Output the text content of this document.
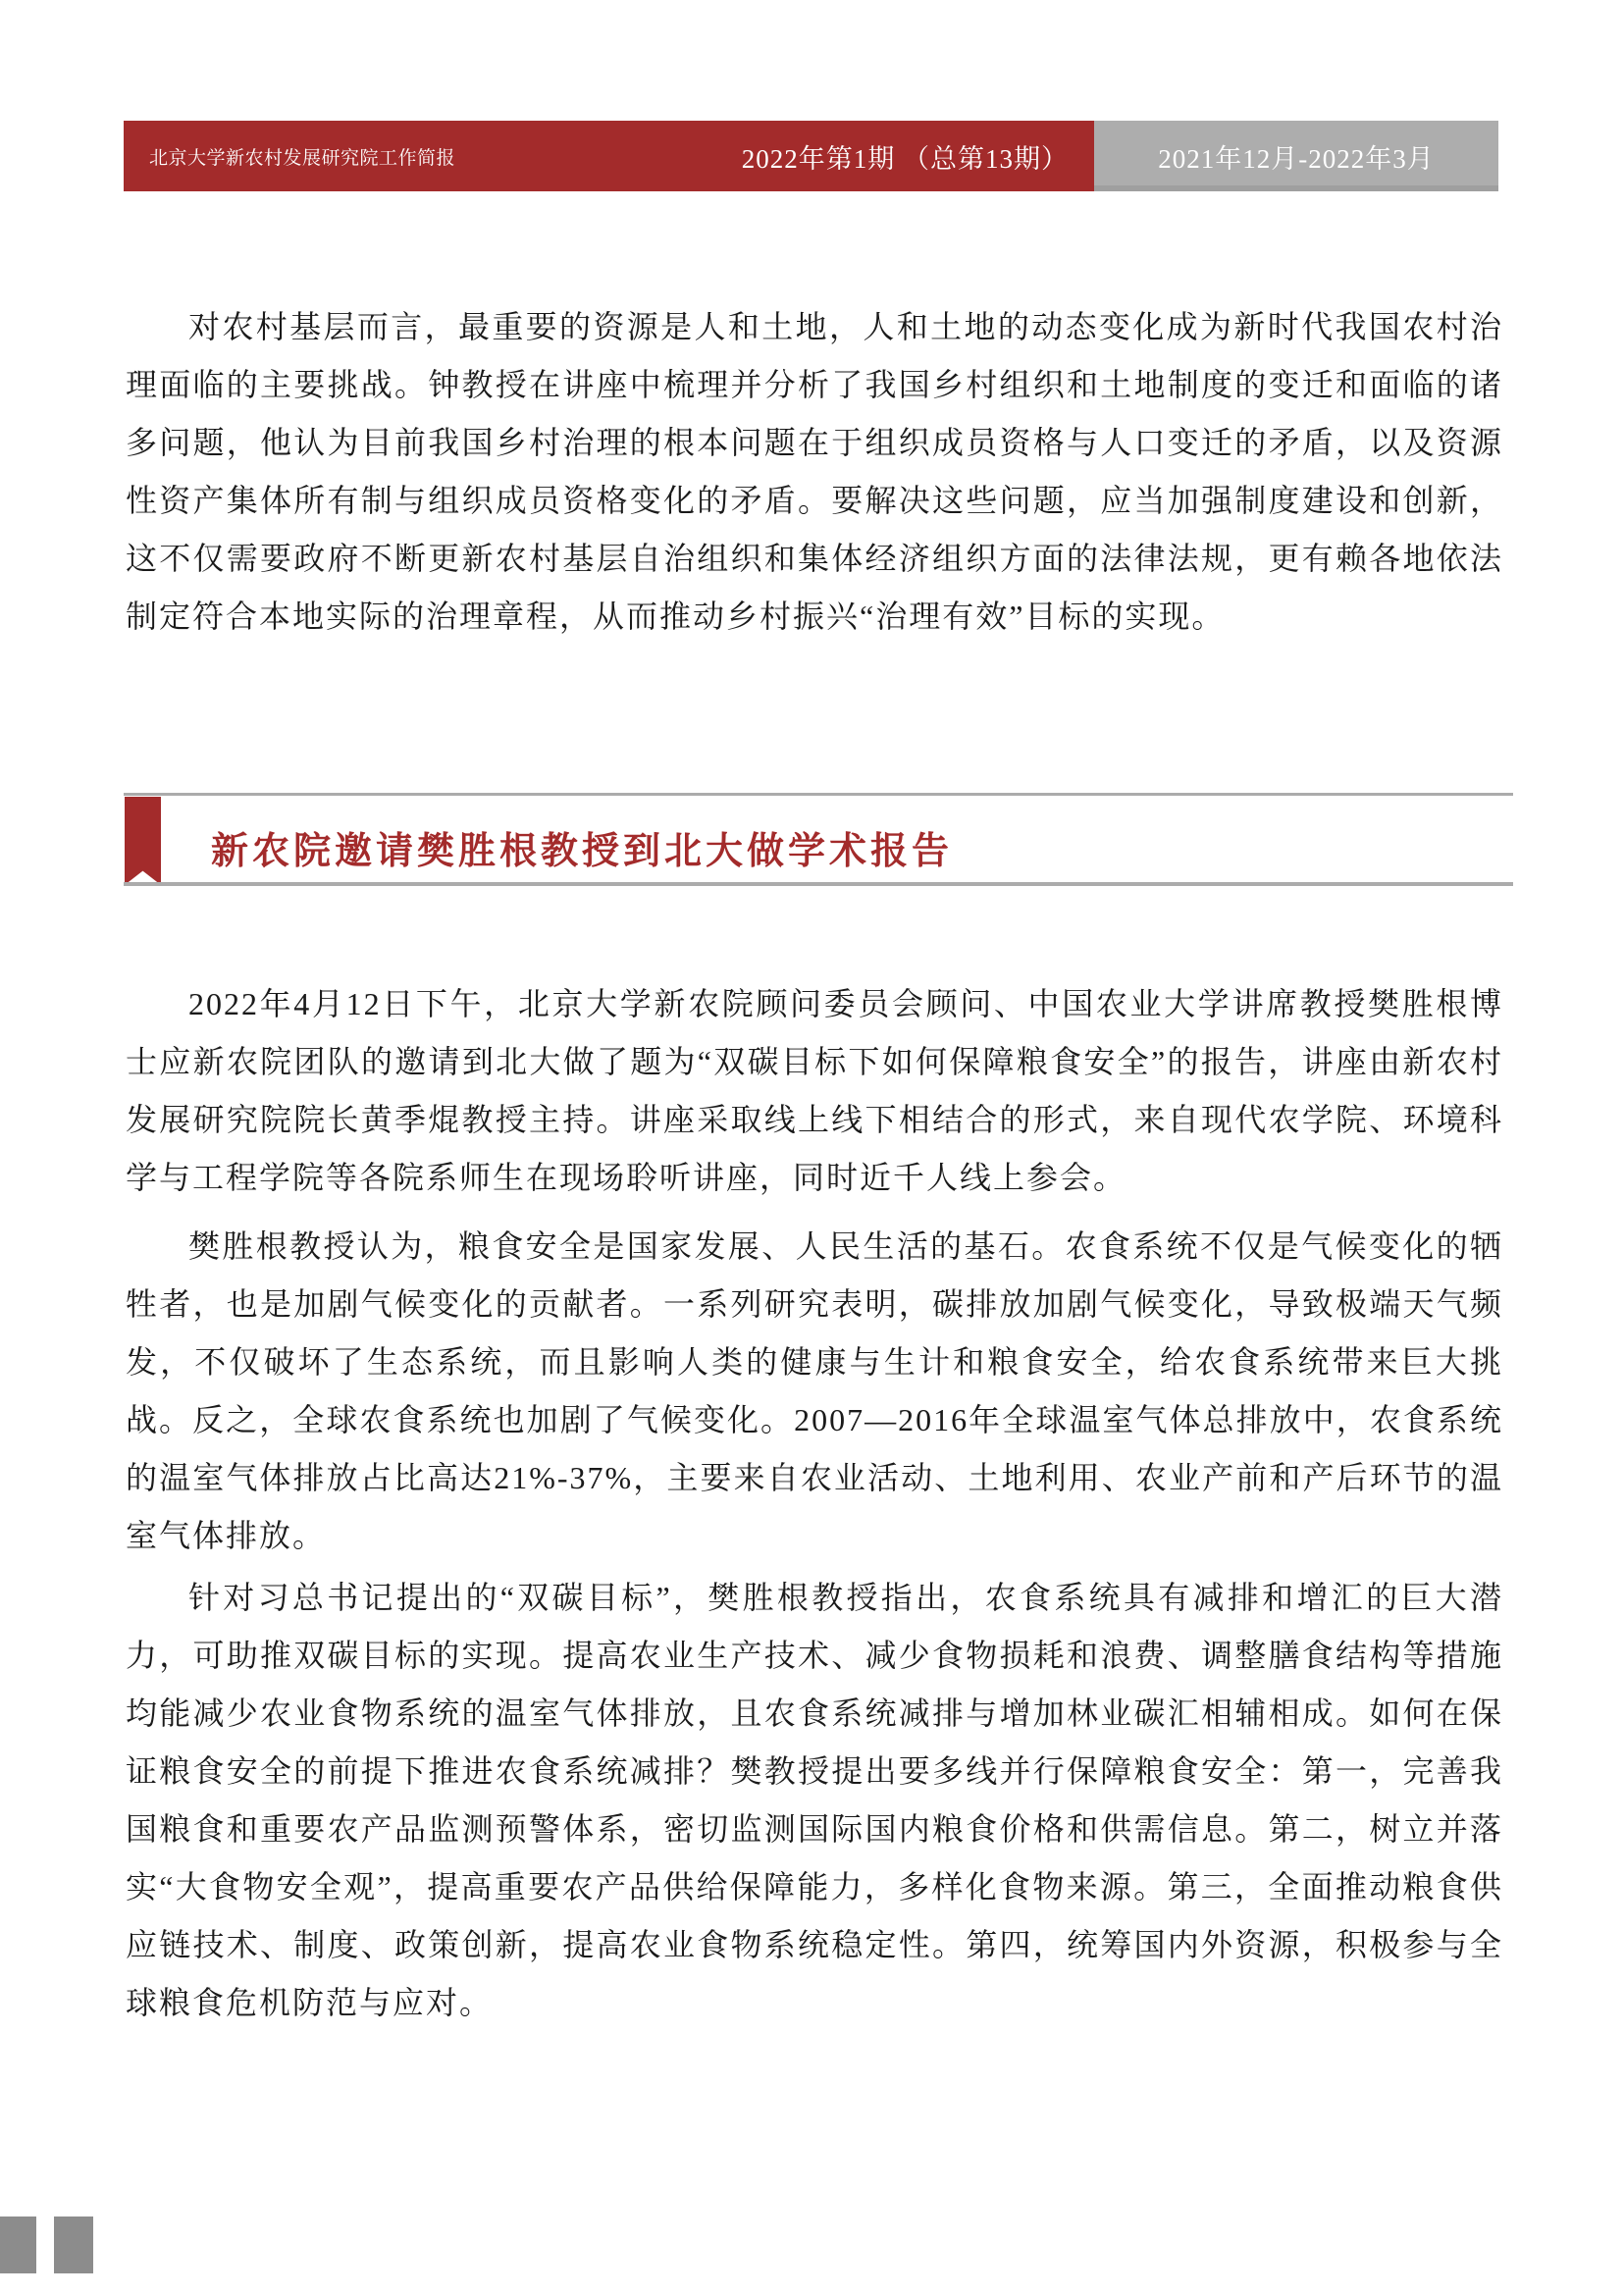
北京大学新农村发展研究院工作简报	2022年第1期 （总第13期）	2021年12月-2022年3月

对农村基层而言，最重要的资源是人和土地，人和土地的动态变化成为新时代我国农村治理面临的主要挑战。钟教授在讲座中梳理并分析了我国乡村组织和土地制度的变迁和面临的诸多问题，他认为目前我国乡村治理的根本问题在于组织成员资格与人口变迁的矛盾，以及资源性资产集体所有制与组织成员资格变化的矛盾。要解决这些问题，应当加强制度建设和创新，这不仅需要政府不断更新农村基层自治组织和集体经济组织方面的法律法规，更有赖各地依法制定符合本地实际的治理章程，从而推动乡村振兴“治理有效”目标的实现。

新农院邀请樊胜根教授到北大做学术报告

2022年4月12日下午，北京大学新农院顾问委员会顾问、中国农业大学讲席教授樊胜根博士应新农院团队的邀请到北大做了题为“双碳目标下如何保障粮食安全”的报告，讲座由新农村发展研究院院长黄季焜教授主持。讲座采取线上线下相结合的形式，来自现代农学院、环境科学与工程学院等各院系师生在现场聆听讲座，同时近千人线上参会。

樊胜根教授认为，粮食安全是国家发展、人民生活的基石。农食系统不仅是气候变化的牺牲者，也是加剧气候变化的贡献者。一系列研究表明，碳排放加剧气候变化，导致极端天气频发，不仅破坏了生态系统，而且影响人类的健康与生计和粮食安全，给农食系统带来巨大挑战。反之，全球农食系统也加剧了气候变化。2007—2016年全球温室气体总排放中，农食系统的温室气体排放占比高达21%-37%，主要来自农业活动、土地利用、农业产前和产后环节的温室气体排放。

针对习总书记提出的“双碳目标”，樊胜根教授指出，农食系统具有减排和增汇的巨大潜力，可助推双碳目标的实现。提高农业生产技术、减少食物损耗和浪费、调整膳食结构等措施均能减少农业食物系统的温室气体排放，且农食系统减排与增加林业碳汇相辅相成。如何在保证粮食安全的前提下推进农食系统减排？樊教授提出要多线并行保障粮食安全：第一，完善我国粮食和重要农产品监测预警体系，密切监测国际国内粮食价格和供需信息。第二，树立并落实“大食物安全观”，提高重要农产品供给保障能力，多样化食物来源。第三，全面推动粮食供应链技术、制度、政策创新，提高农业食物系统稳定性。第四，统筹国内外资源，积极参与全球粮食危机防范与应对。
